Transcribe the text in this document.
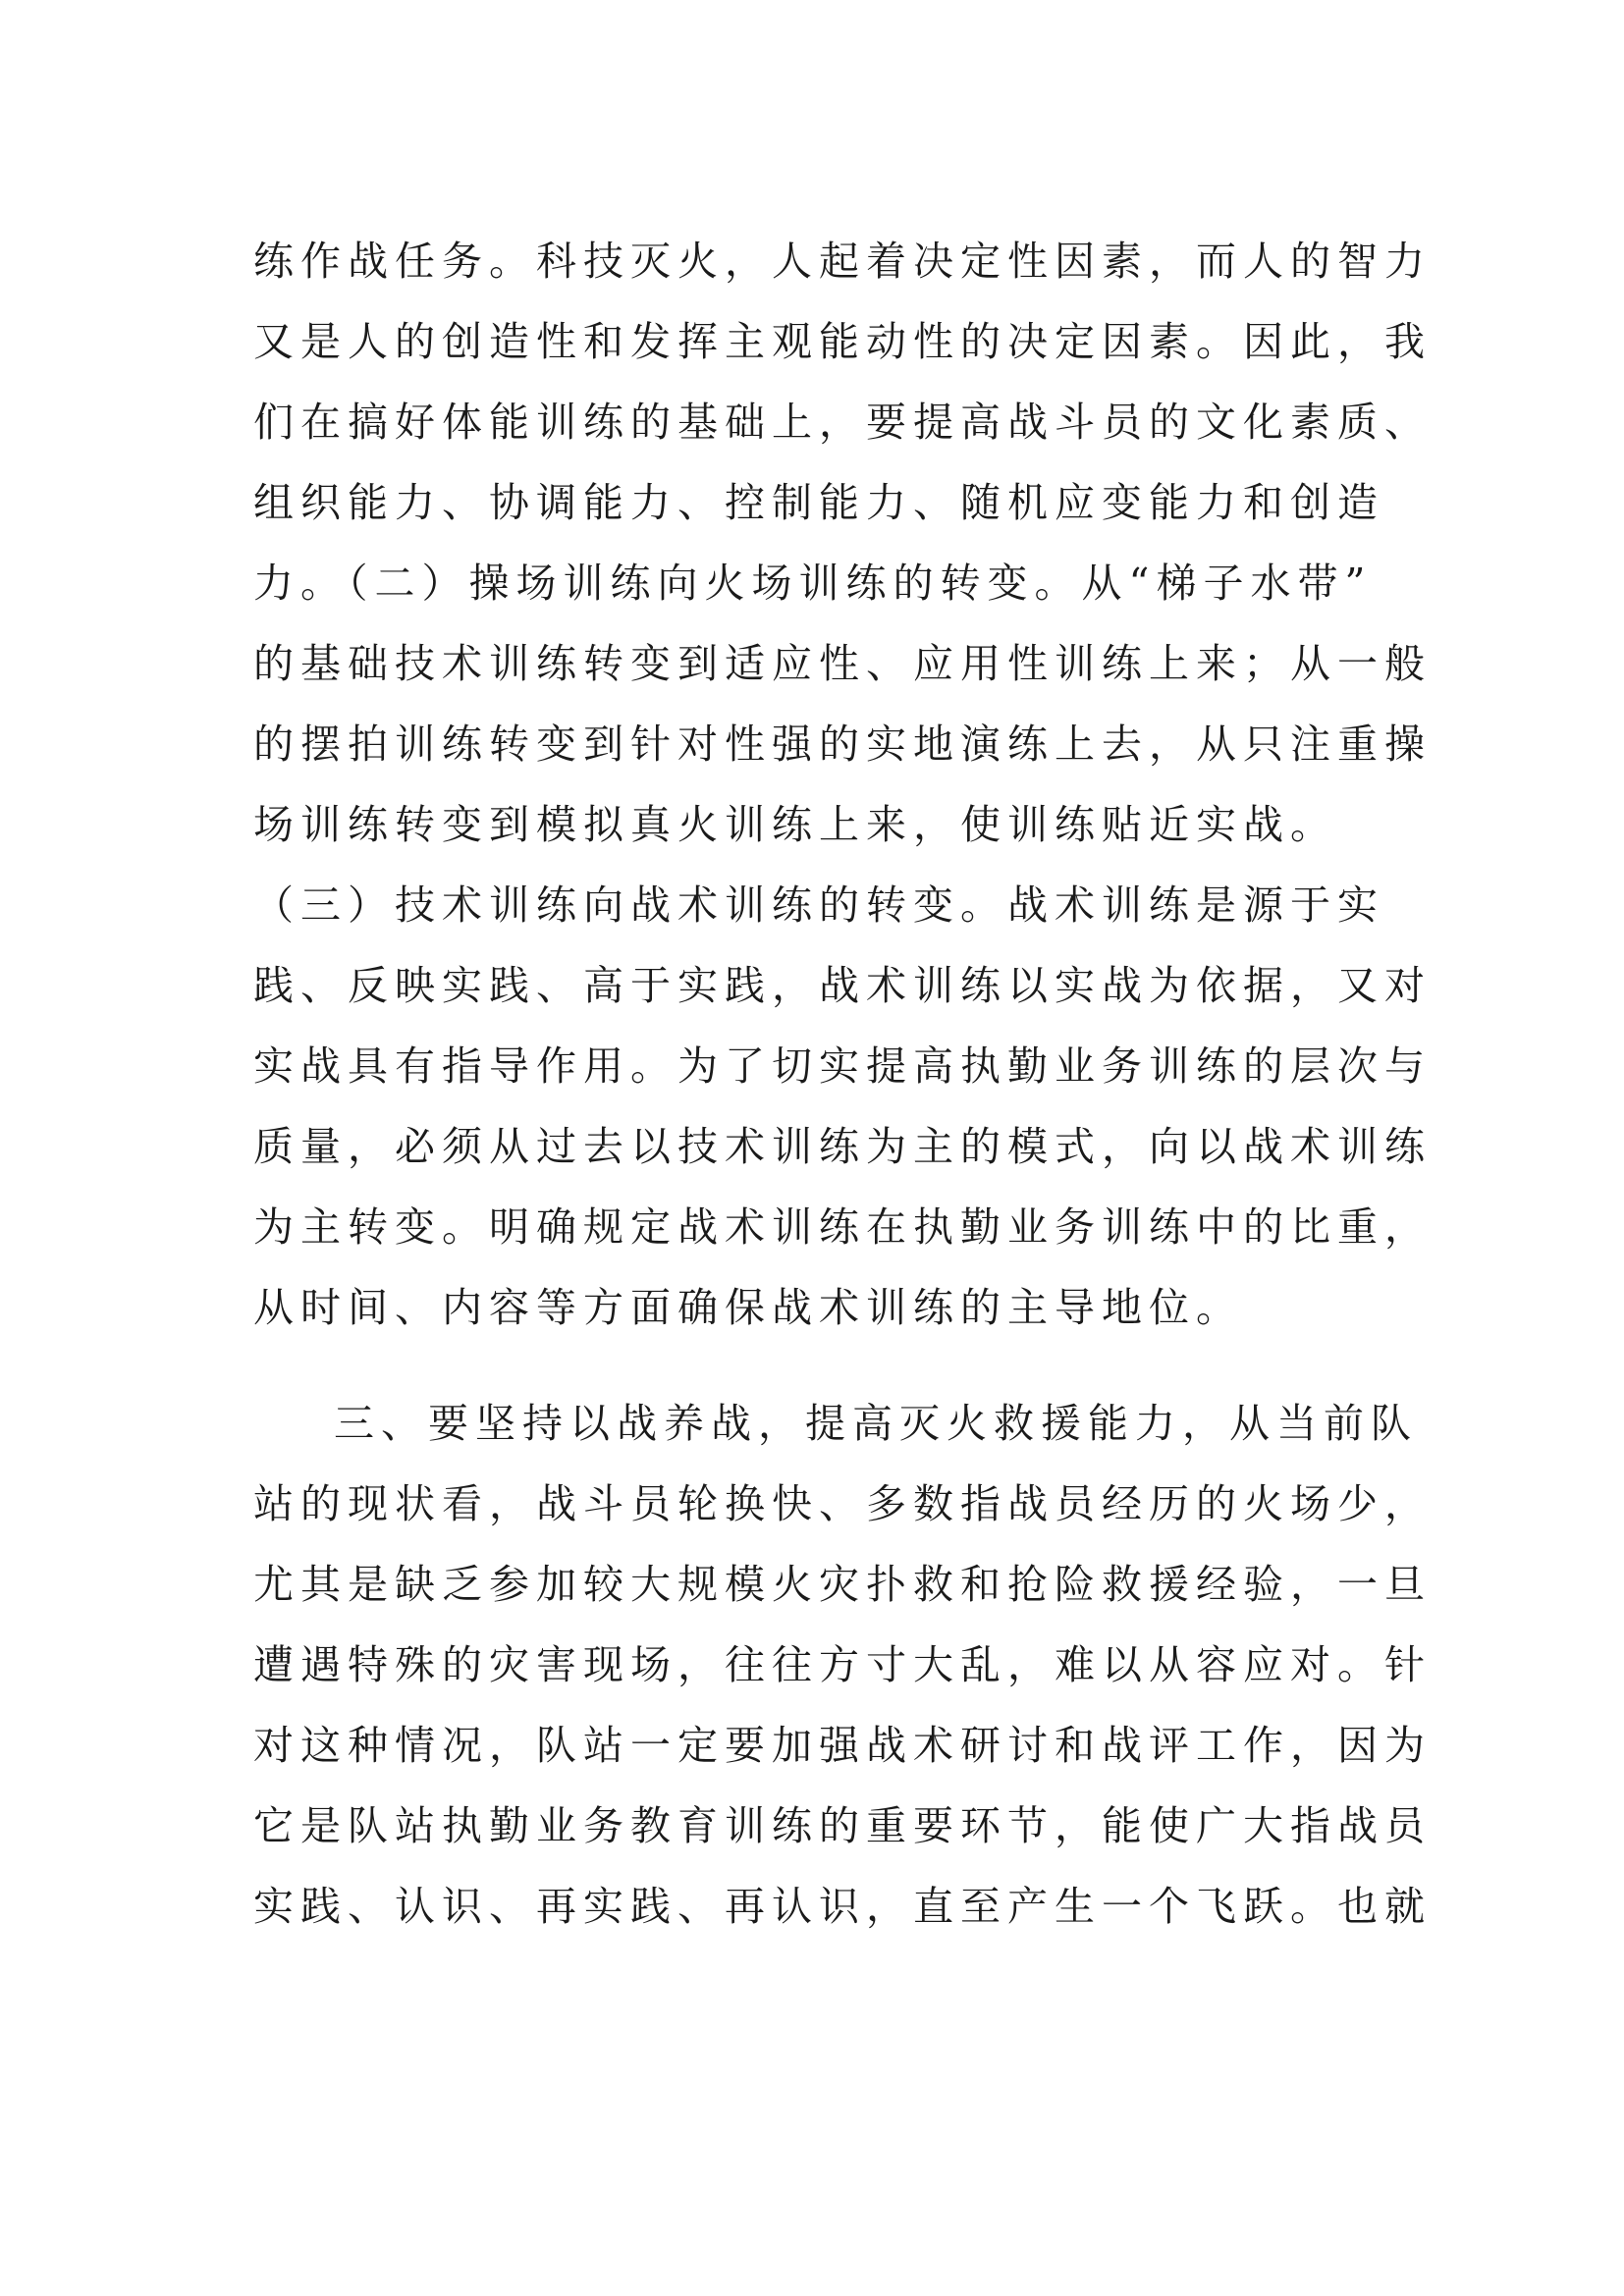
练作战任务。科技灭火，人起着决定性因素，而人的智力
又是人的创造性和发挥主观能动性的决定因素。因此，我
们在搞好体能训练的基础上，要提高战斗员的文化素质、
组织能力、协调能力、控制能力、随机应变能力和创造
力。（二）操场训练向火场训练的转变。从“梯子水带”
的基础技术训练转变到适应性、应用性训练上来；从一般
的摆拍训练转变到针对性强的实地演练上去，从只注重操
场训练转变到模拟真火训练上来，使训练贴近实战。
（三）技术训练向战术训练的转变。战术训练是源于实
践、反映实践、高于实践，战术训练以实战为依据，又对
实战具有指导作用。为了切实提高执勤业务训练的层次与
质量，必须从过去以技术训练为主的模式，向以战术训练
为主转变。明确规定战术训练在执勤业务训练中的比重，
从时间、内容等方面确保战术训练的主导地位。
三、要坚持以战养战，提高灭火救援能力，从当前队
站的现状看，战斗员轮换快、多数指战员经历的火场少，
尤其是缺乏参加较大规模火灾扑救和抢险救援经验，一旦
遭遇特殊的灾害现场，往往方寸大乱，难以从容应对。针
对这种情况，队站一定要加强战术研讨和战评工作，因为
它是队站执勤业务教育训练的重要环节，能使广大指战员
实践、认识、再实践、再认识，直至产生一个飞跃。也就
